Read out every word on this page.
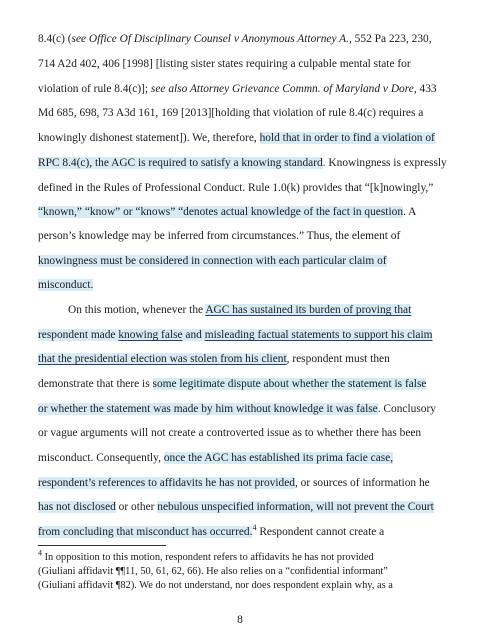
8.4(c) (see Office Of Disciplinary Counsel v Anonymous Attorney A., 552 Pa 223, 230,
714 A2d 402, 406 [1998] [listing sister states requiring a culpable mental state for
violation of rule 8.4(c)]; see also Attorney Grievance Commn. of Maryland v Dore, 433
Md 685, 698, 73 A3d 161, 169 [2013][holding that violation of rule 8.4(c) requires a
knowingly dishonest statement]). We, therefore, hold that in order to find a violation of
RPC 8.4(c), the AGC is required to satisfy a knowing standard. Knowingness is expressly
defined in the Rules of Professional Conduct. Rule 1.0(k) provides that “[k]nowingly,”
“known,” “know” or “knows” “denotes actual knowledge of the fact in question. A
person’s knowledge may be inferred from circumstances.” Thus, the element of
knowingness must be considered in connection with each particular claim of
misconduct.
On this motion, whenever the AGC has sustained its burden of proving that
respondent made knowing false and misleading factual statements to support his claim
that the presidential election was stolen from his client, respondent must then
demonstrate that there is some legitimate dispute about whether the statement is false
or whether the statement was made by him without knowledge it was false. Conclusory
or vague arguments will not create a controverted issue as to whether there has been
misconduct. Consequently, once the AGC has established its prima facie case,
respondent’s references to affidavits he has not provided, or sources of information he
has not disclosed or other nebulous unspecified information, will not prevent the Court
from concluding that misconduct has occurred.$^4$ Respondent cannot create a
$^4$ In opposition to this motion, respondent refers to affidavits he has not provided
(Giuliani affidavit ¶¶11, 50, 61, 62, 66). He also relies on a “confidential informant”
(Giuliani affidavit ¶82). We do not understand, nor does respondent explain why, as a
8
